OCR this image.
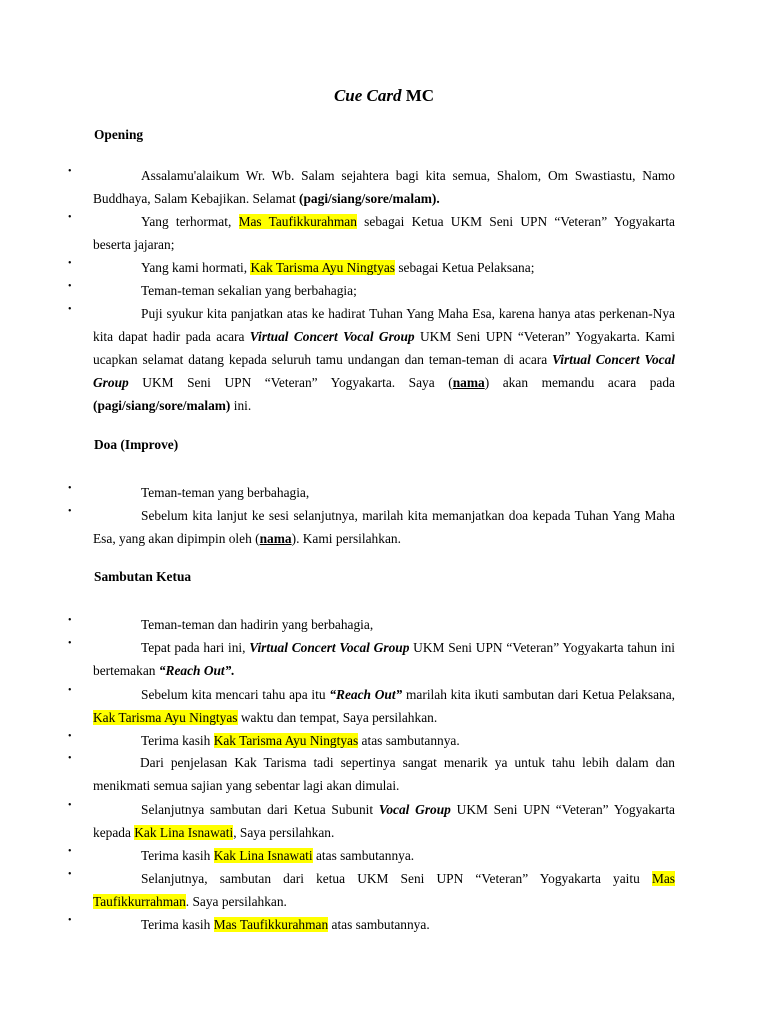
Cue Card MC
Opening
•	Assalamu'alaikum Wr. Wb. Salam sejahtera bagi kita semua, Shalom, Om Swastiastu, Namo Buddhaya, Salam Kebajikan. Selamat (pagi/siang/sore/malam).
•	Yang terhormat, Mas Taufikkurahman sebagai Ketua UKM Seni UPN “Veteran” Yogyakarta beserta jajaran;
•	Yang kami hormati, Kak Tarisma Ayu Ningtyas sebagai Ketua Pelaksana;
•	Teman-teman sekalian yang berbahagia;
•	Puji syukur kita panjatkan atas ke hadirat Tuhan Yang Maha Esa, karena hanya atas perkenan-Nya kita dapat hadir pada acara Virtual Concert Vocal Group UKM Seni UPN “Veteran” Yogyakarta. Kami ucapkan selamat datang kepada seluruh tamu undangan dan teman-teman di acara Virtual Concert Vocal Group UKM Seni UPN “Veteran” Yogyakarta. Saya (nama) akan memandu acara pada (pagi/siang/sore/malam) ini.
Doa (Improve)
•	Teman-teman yang berbahagia,
•	Sebelum kita lanjut ke sesi selanjutnya, marilah kita memanjatkan doa kepada Tuhan Yang Maha Esa, yang akan dipimpin oleh (nama). Kami persilahkan.
Sambutan Ketua
•	Teman-teman dan hadirin yang berbahagia,
•	Tepat pada hari ini, Virtual Concert Vocal Group UKM Seni UPN “Veteran” Yogyakarta tahun ini bertemakan “Reach Out”.
•	Sebelum kita mencari tahu apa itu “Reach Out” marilah kita ikuti sambutan dari Ketua Pelaksana, Kak Tarisma Ayu Ningtyas waktu dan tempat, Saya persilahkan.
•	Terima kasih Kak Tarisma Ayu Ningtyas atas sambutannya.
•	Dari penjelasan Kak Tarisma tadi sepertinya sangat menarik ya untuk tahu lebih dalam dan menikmati semua sajian yang sebentar lagi akan dimulai.
•	Selanjutnya sambutan dari Ketua Subunit Vocal Group UKM Seni UPN “Veteran” Yogyakarta kepada Kak Lina Isnawati, Saya persilahkan.
•	Terima kasih Kak Lina Isnawati atas sambutannya.
•	Selanjutnya, sambutan dari ketua UKM Seni UPN “Veteran” Yogyakarta yaitu Mas Taufikkurrahman. Saya persilahkan.
•	Terima kasih Mas Taufikkurahman atas sambutannya.
